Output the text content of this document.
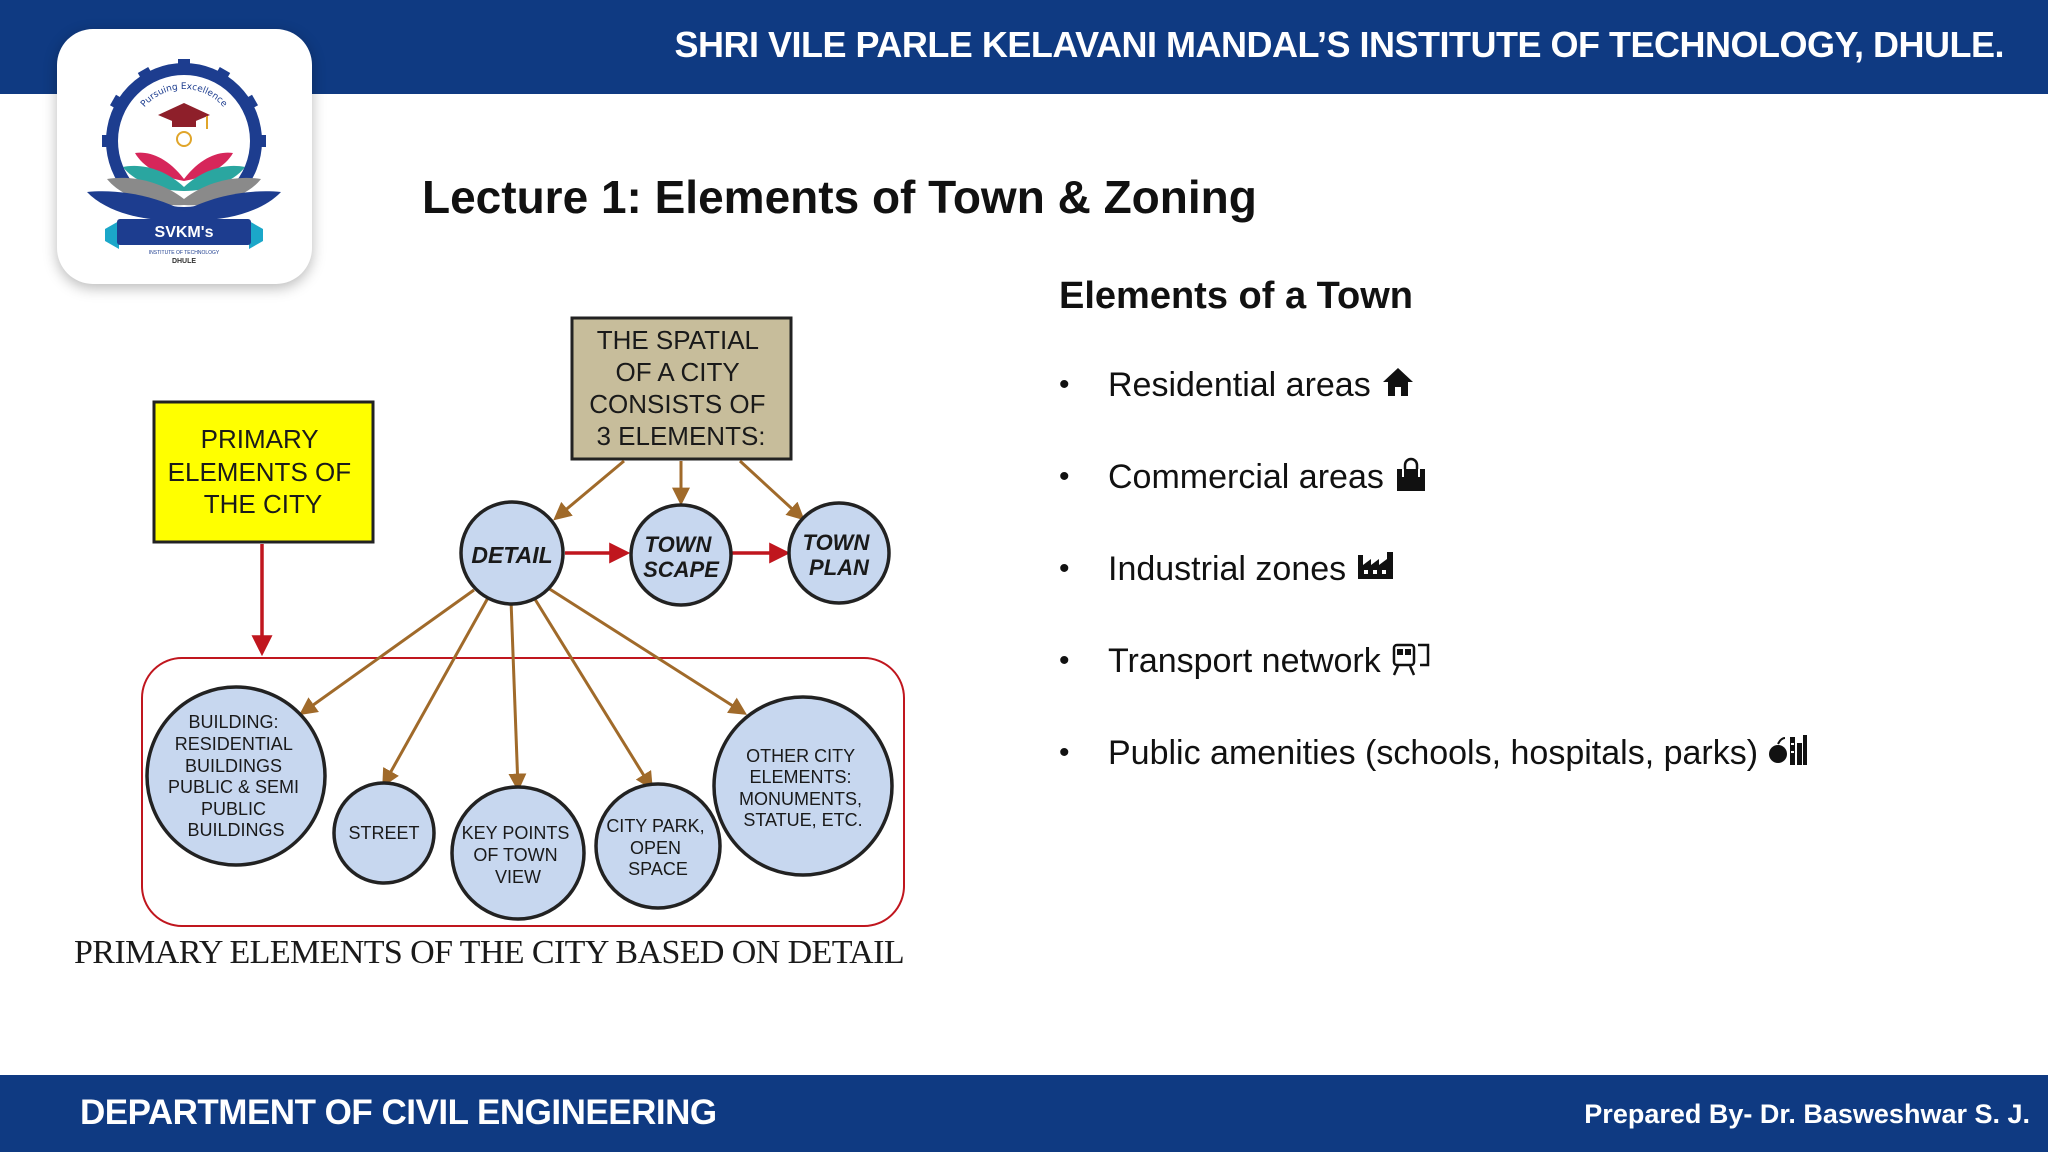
SHRI VILE PARLE KELAVANI MANDAL’S INSTITUTE OF TECHNOLOGY, DHULE.
Pursuing Excellence
SVKM's
INSTITUTE OF TECHNOLOGY
DHULE
Lecture 1: Elements of Town & Zoning
THE SPATIAL OF A CITY CONSISTS OF 3 ELEMENTS:
PRIMARY ELEMENTS OF THE CITY
DETAIL	TOWN SCAPE
TOWN PLAN
BUILDING: RESIDENTIAL BUILDINGS PUBLIC & SEMI PUBLIC BUILDINGS	STREET KEY POINTS OF TOWN VIEW
CITY PARK, OPEN SPACE
OTHER CITY ELEMENTS: MONUMENTS, STATUE, ETC.
PRIMARY ELEMENTS OF THE CITY BASED ON DETAIL
Elements of a Town
•	Residential areas
•	Commercial areas
•	Industrial zones
•	Transport network
•	Public amenities (schools, hospitals, parks)
DEPARTMENT OF CIVIL ENGINEERING	Prepared By- Dr. Basweshwar S. J.
